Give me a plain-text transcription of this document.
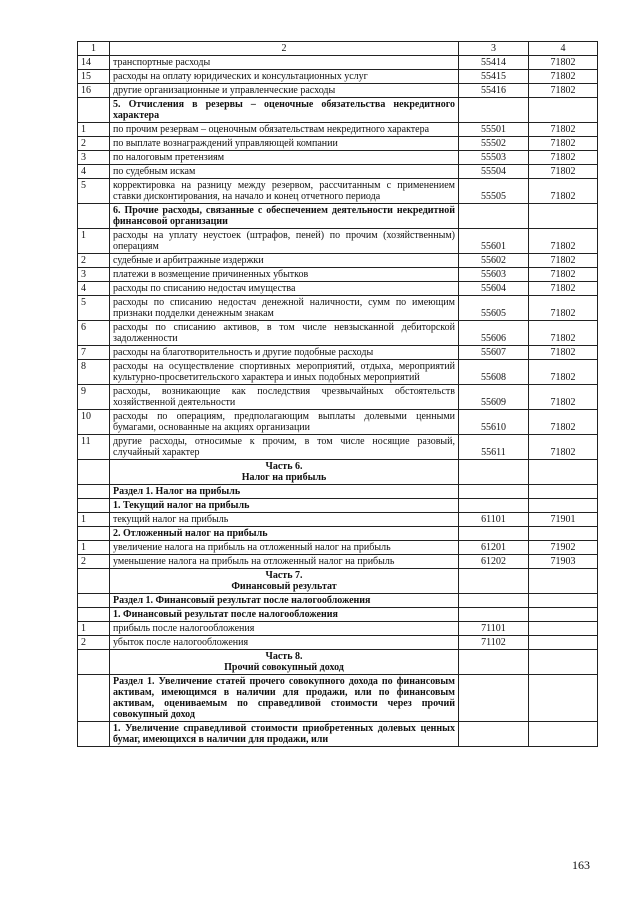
1	2	3	4
14	транспортные расходы	55414	71802
15	расходы на оплату юридических и консультационных услуг	55415	71802
16	другие организационные и управленческие расходы	55416	71802
	5. Отчисления в резервы – оценочные обязательства некредитного характера		
1	по прочим резервам – оценочным обязательствам некредитного характера	55501	71802
2	по выплате вознаграждений управляющей компании	55502	71802
3	по налоговым претензиям	55503	71802
4	по судебным искам	55504	71802
5	корректировка на разницу между резервом, рассчитанным с применением ставки дисконтирования, на начало и конец отчетного периода	55505	71802
	6. Прочие расходы, связанные с обеспечением деятельности некредитной финансовой организации		
1	расходы на уплату неустоек (штрафов, пеней) по прочим (хозяйственным) операциям	55601	71802
2	судебные и арбитражные издержки	55602	71802
3	платежи в возмещение причиненных убытков	55603	71802
4	расходы по списанию недостач имущества	55604	71802
5	расходы по списанию недостач денежной наличности, сумм по имеющим признаки подделки денежным знакам	55605	71802
6	расходы по списанию активов, в том числе невзысканной дебиторской задолженности	55606	71802
7	расходы на благотворительность и другие подобные расходы	55607	71802
8	расходы на осуществление спортивных мероприятий, отдыха, мероприятий культурно-просветительского характера и иных подобных мероприятий	55608	71802
9	расходы, возникающие как последствия чрезвычайных обстоятельств хозяйственной деятельности	55609	71802
10	расходы по операциям, предполагающим выплаты долевыми ценными бумагами, основанные на акциях организации	55610	71802
11	другие расходы, относимые к прочим, в том числе носящие разовый, случайный характер	55611	71802
	Часть 6.
Налог на прибыль		
	Раздел 1. Налог на прибыль		
	1. Текущий налог на прибыль		
1	текущий налог на прибыль	61101	71901
	2. Отложенный налог на прибыль		
1	увеличение налога на прибыль на отложенный налог на прибыль	61201	71902
2	уменьшение налога на прибыль на отложенный налог на прибыль	61202	71903
	Часть 7.
Финансовый результат		
	Раздел 1. Финансовый результат после налогообложения		
	1. Финансовый результат после налогообложения		
1	прибыль после налогообложения	71101	
2	убыток после налогообложения	71102	
	Часть 8.
Прочий совокупный доход		
	Раздел 1. Увеличение статей прочего совокупного дохода по финансовым активам, имеющимся в наличии для продажи, или по финансовым активам, оцениваемым по справедливой стоимости через прочий совокупный доход		
	1. Увеличение справедливой стоимости приобретенных долевых ценных бумаг, имеющихся в наличии для продажи, или		
163
